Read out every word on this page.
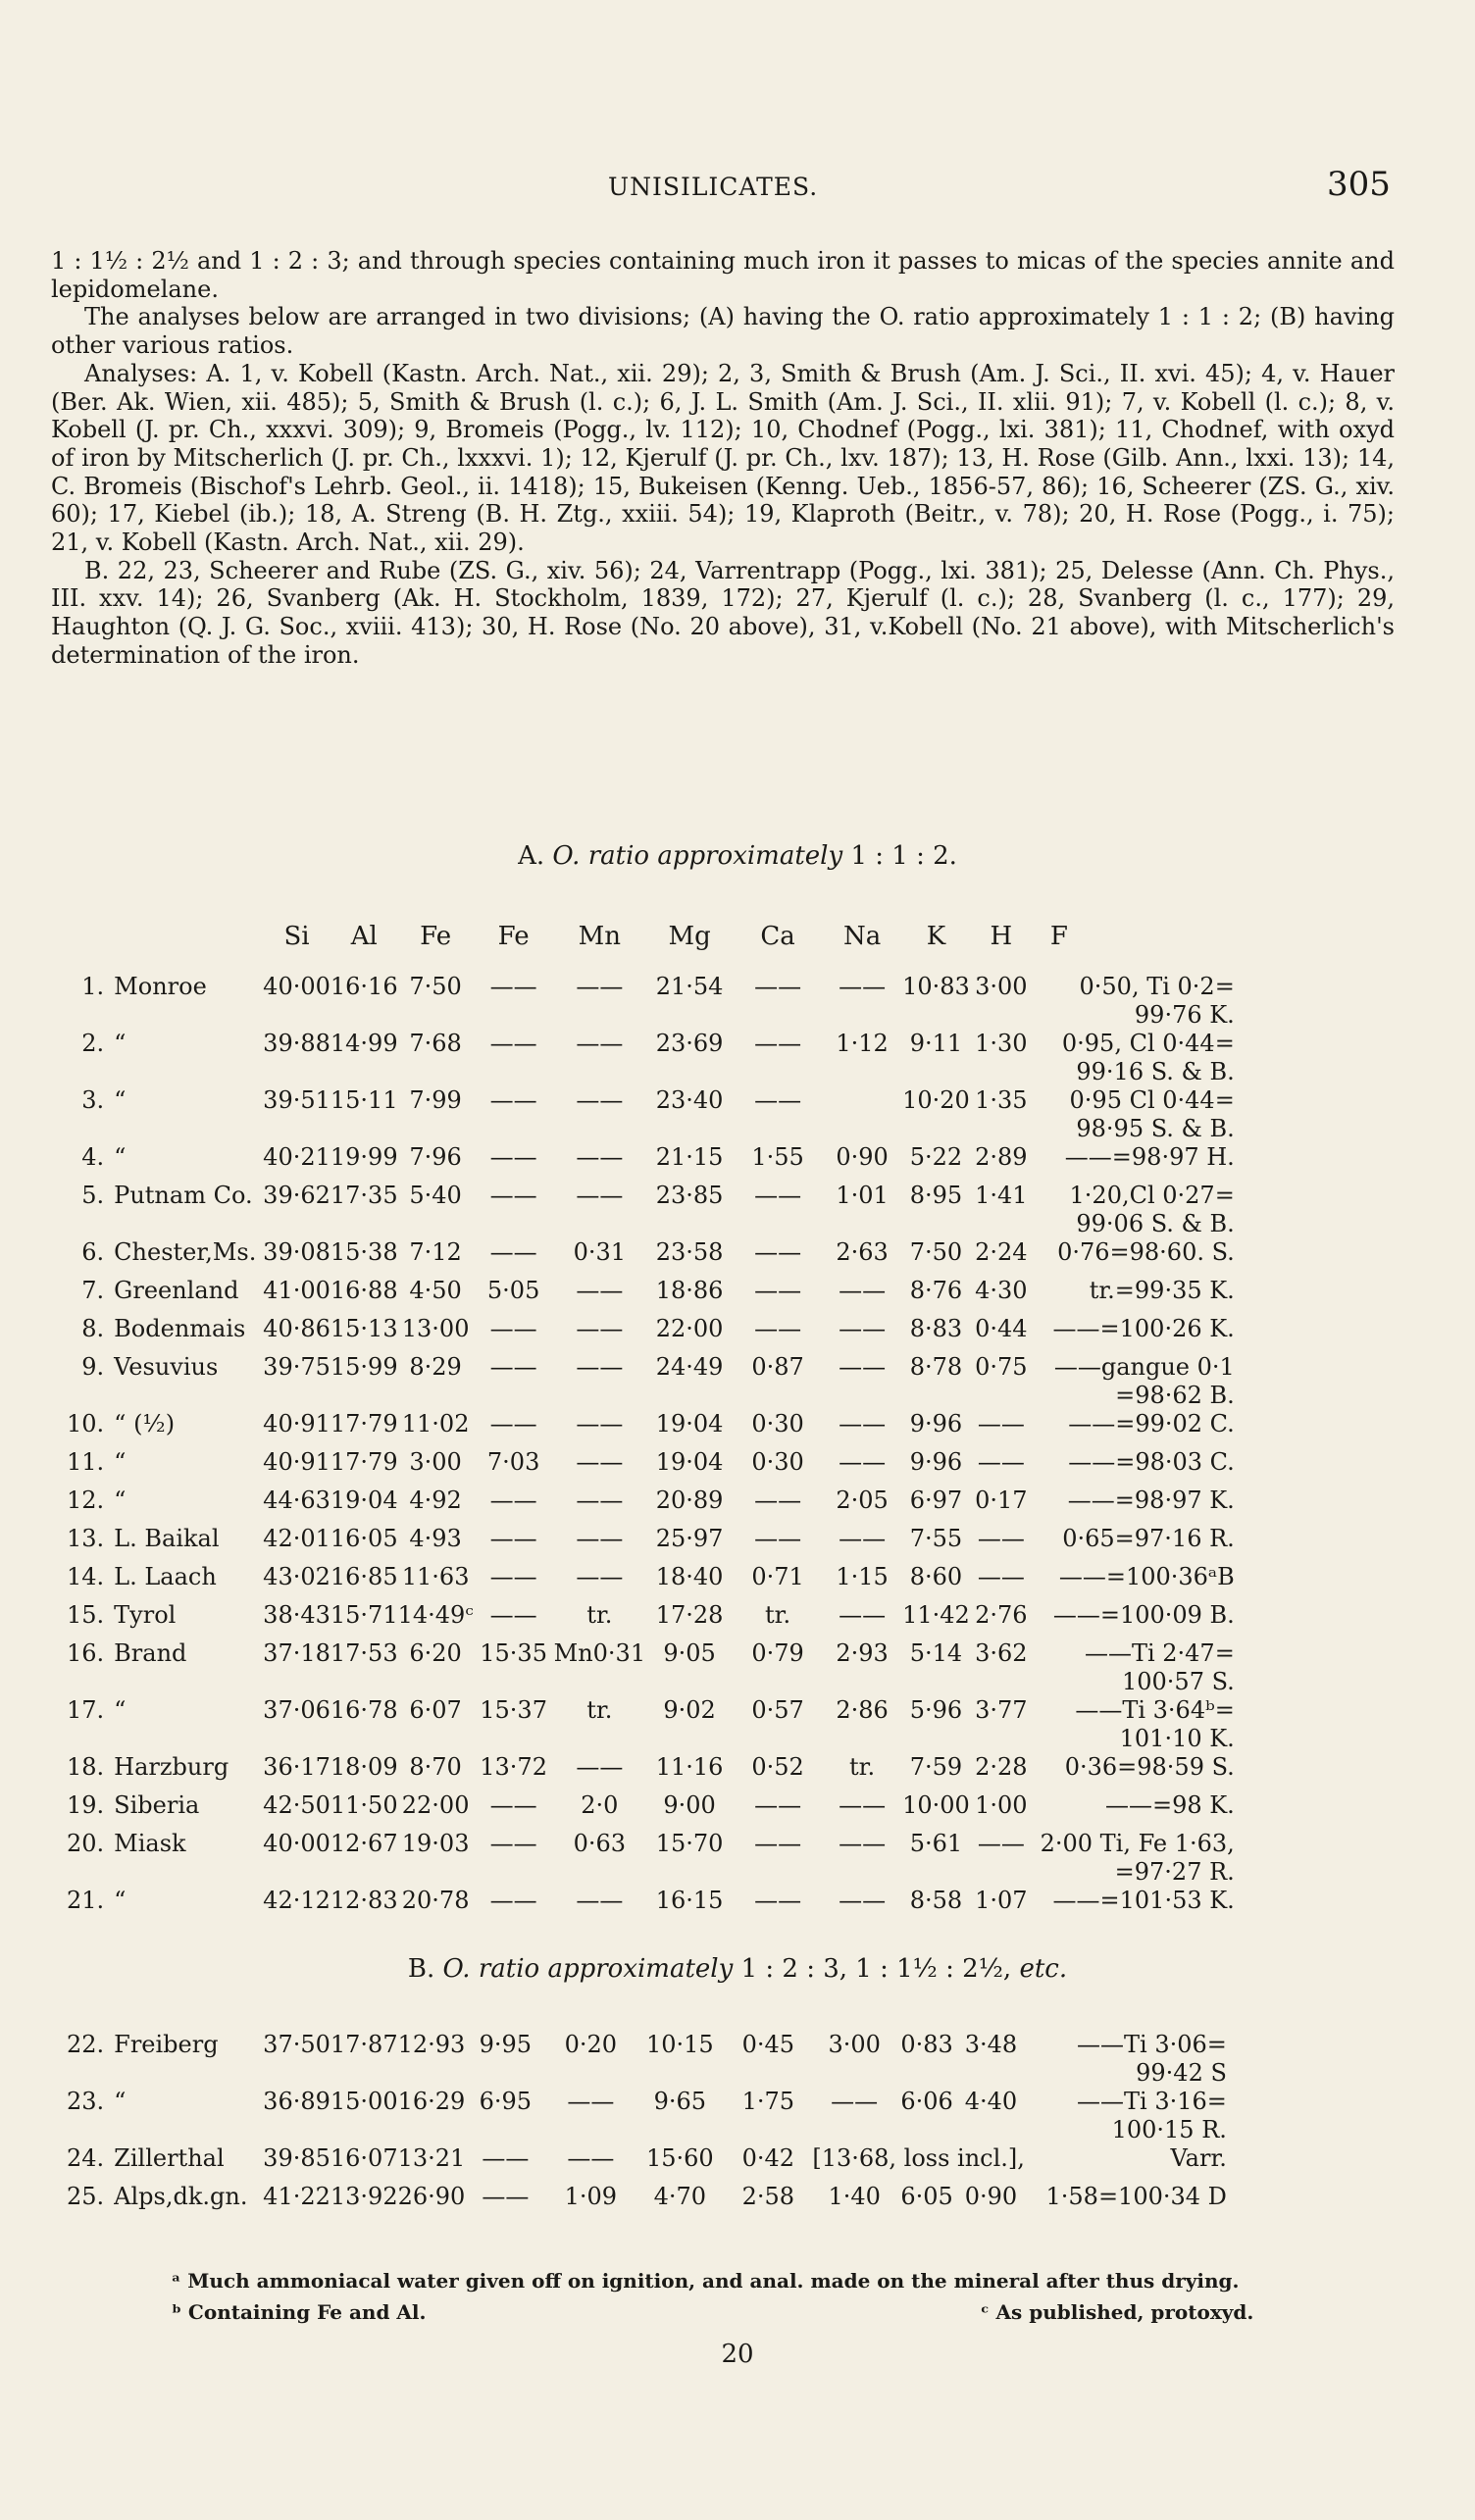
UNISILICATES.	305

1 : 1½ : 2½ and 1 : 2 : 3; and through species containing much iron it passes to micas of the species annite and lepidomelane.

The analyses below are arranged in two divisions; (A) having the O. ratio approximately 1 : 1 : 2; (B) having other various ratios.

Analyses: A. 1, v. Kobell (Kastn. Arch. Nat., xii. 29); 2, 3, Smith & Brush (Am. J. Sci., II. xvi. 45); 4, v. Hauer (Ber. Ak. Wien, xii. 485); 5, Smith & Brush (l. c.); 6, J. L. Smith (Am. J. Sci., II. xlii. 91); 7, v. Kobell (l. c.); 8, v. Kobell (J. pr. Ch., xxxvi. 309); 9, Bromeis (Pogg., lv. 112); 10, Chodnef (Pogg., lxi. 381); 11, Chodnef, with oxyd of iron by Mitscherlich (J. pr. Ch., lxxxvi. 1); 12, Kjerulf (J. pr. Ch., lxv. 187); 13, H. Rose (Gilb. Ann., lxxi. 13); 14, C. Bromeis (Bischof's Lehrb. Geol., ii. 1418); 15, Bukeisen (Kenng. Ueb., 1856-57, 86); 16, Scheerer (ZS. G., xiv. 60); 17, Kiebel (ib.); 18, A. Streng (B. H. Ztg., xxiii. 54); 19, Klaproth (Beitr., v. 78); 20, H. Rose (Pogg., i. 75); 21, v. Kobell (Kastn. Arch. Nat., xii. 29).

B. 22, 23, Scheerer and Rube (ZS. G., xiv. 56); 24, Varrentrapp (Pogg., lxi. 381); 25, Delesse (Ann. Ch. Phys., III. xxv. 14); 26, Svanberg (Ak. H. Stockholm, 1839, 172); 27, Kjerulf (l. c.); 28, Svanberg (l. c., 177); 29, Haughton (Q. J. G. Soc., xviii. 413); 30, H. Rose (No. 20 above), 31, v.Kobell (No. 21 above), with Mitscherlich's determination of the iron.

A. O. ratio approximately 1 : 1 : 2.
		Si	Al	Fe	Fe	Mn	Mg	Ca	Na	K	H	F
1.	Monroe	40·00	16·16	7·50	——	——	21·54	——	——	10·83	3·00	0·50, Ti 0·2= 99·76 K.
2.	“	39·88	14·99	7·68	——	——	23·69	——	1·12	9·11	1·30	0·95, Cl 0·44= 99·16 S. & B.
3.	“	39·51	15·11	7·99	——	——	23·40	——		10·20	1·35	0·95 Cl 0·44= 98·95 S. & B.
4.	“	40·21	19·99	7·96	——	——	21·15	1·55	0·90	5·22	2·89	——=98·97 H.
5.	Putnam Co.	39·62	17·35	5·40	——	——	23·85	——	1·01	8·95	1·41	1·20,Cl 0·27= 99·06 S. & B.
6.	Chester,Ms.	39·08	15·38	7·12	——	0·31	23·58	——	2·63	7·50	2·24	0·76=98·60. S.
7.	Greenland	41·00	16·88	4·50	5·05	——	18·86	——	——	8·76	4·30	tr.=99·35 K.
8.	Bodenmais	40·86	15·13	13·00	——	——	22·00	——	——	8·83	0·44	——=100·26 K.
9.	Vesuvius	39·75	15·99	8·29	——	——	24·49	0·87	——	8·78	0·75	——gangue 0·1 =98·62 B.
10.	“ (½)	40·91	17·79	11·02	——	——	19·04	0·30	——	9·96	——	——=99·02 C.
11.	“	40·91	17·79	3·00	7·03	——	19·04	0·30	——	9·96	——	——=98·03 C.
12.	“	44·63	19·04	4·92	——	——	20·89	——	2·05	6·97	0·17	——=98·97 K.
13.	L. Baikal	42·01	16·05	4·93	——	——	25·97	——	——	7·55	——	0·65=97·16 R.
14.	L. Laach	43·02	16·85	11·63	——	——	18·40	0·71	1·15	8·60	——	——=100·36ᵃB
15.	Tyrol	38·43	15·71	14·49ᶜ	——	tr.	17·28	tr.	——	11·42	2·76	——=100·09 B.
16.	Brand	37·18	17·53	6·20	15·35	Mn0·31	9·05	0·79	2·93	5·14	3·62	——Ti 2·47= 100·57 S.
17.	“	37·06	16·78	6·07	15·37	tr.	9·02	0·57	2·86	5·96	3·77	——Ti 3·64ᵇ= 101·10 K.
18.	Harzburg	36·17	18·09	8·70	13·72	——	11·16	0·52	tr.	7·59	2·28	0·36=98·59 S.
19.	Siberia	42·50	11·50	22·00	——	2·0	9·00	——	——	10·00	1·00	——=98 K.
20.	Miask	40·00	12·67	19·03	——	0·63	15·70	——	——	5·61	——	2·00 Ti, Fe 1·63, =97·27 R.
21.	“	42·12	12·83	20·78	——	——	16·15	——	——	8·58	1·07	——=101·53 K.
B. O. ratio approximately 1 : 2 : 3, 1 : 1½ : 2½, etc.
22.	Freiberg	37·50	17·87	12·93	9·95	0·20	10·15	0·45	3·00	0·83	3·48	——Ti 3·06= 99·42 S
23.	“	36·89	15·00	16·29	6·95	——	9·65	1·75	——	6·06	4·40	——Ti 3·16= 100·15 R.
24.	Zillerthal	39·85	16·07	13·21	——	——	15·60	0·42	[13·68,	loss	incl.],	Varr.
25.	Alps,dk.gn.	41·22	13·92	26·90	——	1·09	4·70	2·58	1·40	6·05	0·90	1·58=100·34 D
ᵃ Much ammoniacal water given off on ignition, and anal. made on the mineral after thus drying.
ᵇ Containing Fe and Al.	ᶜ As published, protoxyd.
20
